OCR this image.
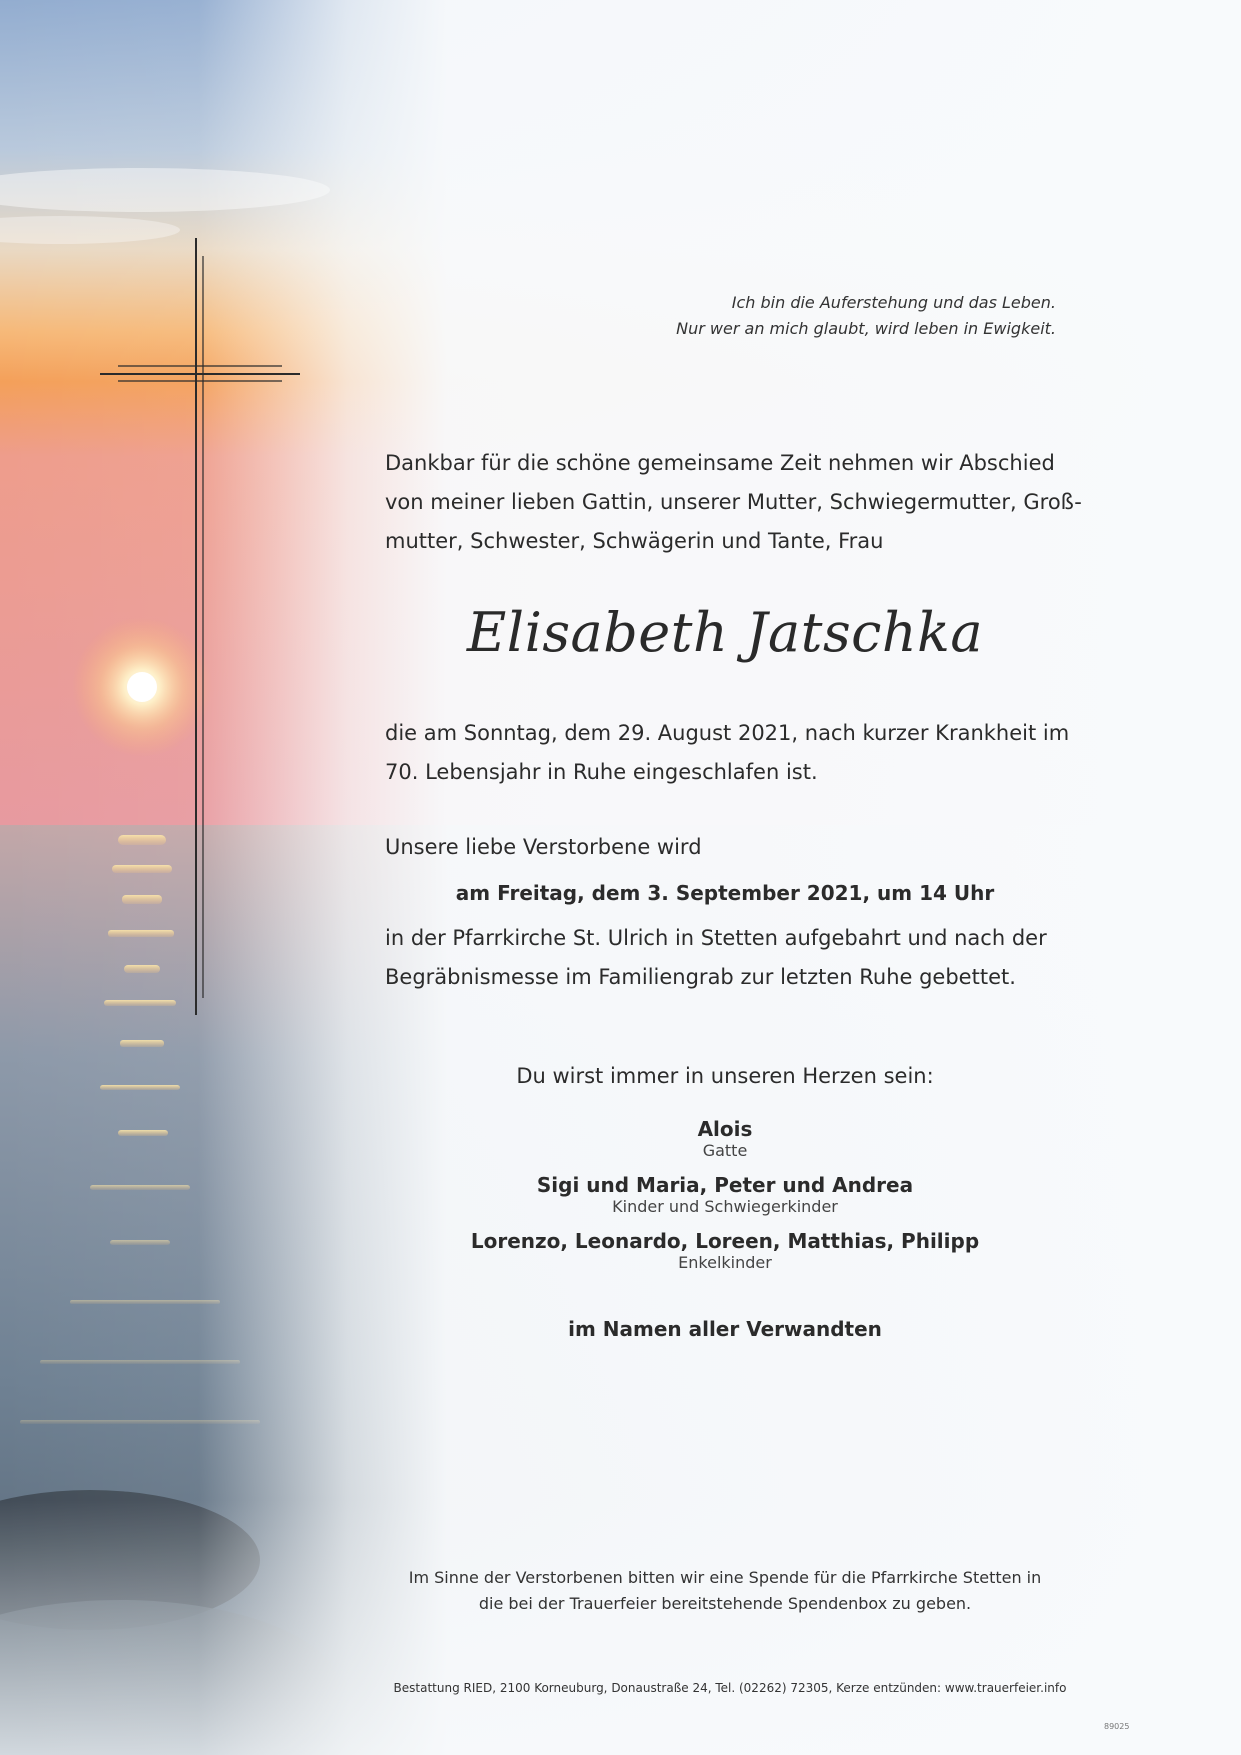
Ich bin die Auferstehung und das Leben.
Nur wer an mich glaubt, wird leben in Ewigkeit.
Dankbar für die schöne gemeinsame Zeit nehmen wir Abschied
von meiner lieben Gattin, unserer Mutter, Schwiegermutter, Groß-
mutter, Schwester, Schwägerin und Tante, Frau
Elisabeth Jatschka
die am Sonntag, dem 29. August 2021, nach kurzer Krankheit im
70. Lebensjahr in Ruhe eingeschlafen ist.
Unsere liebe Verstorbene wird
am Freitag, dem 3. September 2021, um 14 Uhr
in der Pfarrkirche St. Ulrich in Stetten aufgebahrt und nach der
Begräbnismesse im Familiengrab zur letzten Ruhe gebettet.
Du wirst immer in unseren Herzen sein:
Alois
Gatte
Sigi und Maria, Peter und Andrea
Kinder und Schwiegerkinder
Lorenzo, Leonardo, Loreen, Matthias, Philipp
Enkelkinder
im Namen aller Verwandten
Im Sinne der Verstorbenen bitten wir eine Spende für die Pfarrkirche Stetten in
die bei der Trauerfeier bereitstehende Spendenbox zu geben.
Bestattung RIED, 2100 Korneuburg, Donaustraße 24, Tel. (02262) 72305, Kerze entzünden: www.trauerfeier.info
89025
